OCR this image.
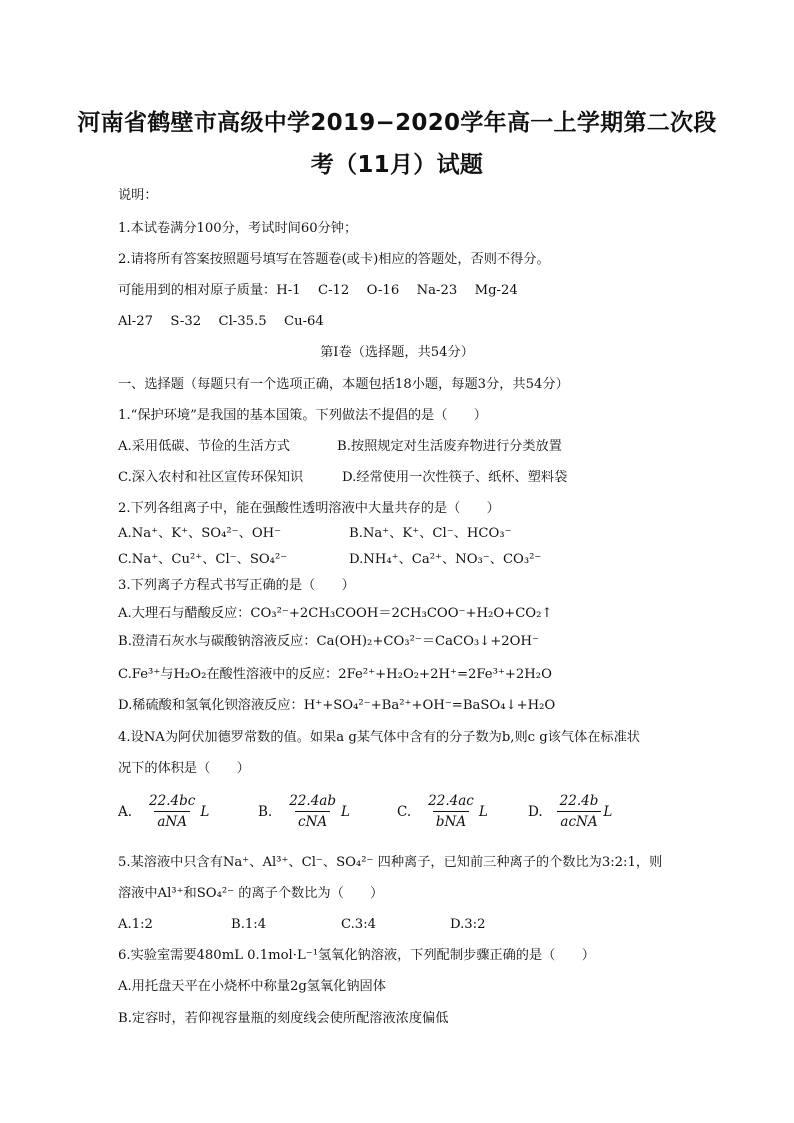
河南省鹤壁市高级中学2019−2020学年高一上学期第二次段
考（11月）试题
说明：
1.本试卷满分100分，考试时间60分钟；
2.请将所有答案按照题号填写在答题卷(或卡)相应的答题处，否则不得分。
可能用到的相对原子质量：H-1　 C-12　 O-16　 Na-23　 Mg-24
Al-27　 S-32　 Cl-35.5　 Cu-64
第Ⅰ卷（选择题，共54分）
一、选择题（每题只有一个选项正确，本题包括18小题，每题3分，共54分）
1.“保护环境”是我国的基本国策。下列做法不提倡的是（　　）
A.采用低碳、节俭的生活方式	B.按照规定对生活废弃物进行分类放置
C.深入农村和社区宣传环保知识	D.经常使用一次性筷子、纸杯、塑料袋
2.下列各组离子中，能在强酸性透明溶液中大量共存的是（　　）
A.Na⁺、K⁺、SO₄²⁻、OH⁻	B.Na⁺、K⁺、Cl⁻、HCO₃⁻
C.Na⁺、Cu²⁺、Cl⁻、SO₄²⁻	D.NH₄⁺、Ca²⁺、NO₃⁻、CO₃²⁻
3.下列离子方程式书写正确的是（　　）
A.大理石与醋酸反应：CO₃²⁻+2CH₃COOH＝2CH₃COO⁻+H₂O+CO₂↑
B.澄清石灰水与碳酸钠溶液反应：Ca(OH)₂+CO₃²⁻＝CaCO₃↓+2OH⁻
C.Fe³⁺与H₂O₂在酸性溶液中的反应：2Fe²⁺+H₂O₂+2H⁺=2Fe³⁺+2H₂O
D.稀硫酸和氢氧化钡溶液反应：H⁺+SO₄²⁻+Ba²⁺+OH⁻=BaSO₄↓+H₂O
4.设NA为阿伏加德罗常数的值。如果a g某气体中含有的分子数为b,则c g该气体在标准状
况下的体积是（　　）
A. $\frac{22.4bc}{\text{aNA}}$ L	B. $\frac{22.4ab}{\text{cNA}}$ L	C. $\frac{22.4ac}{\text{bNA}}$ L	D. $\frac{22.4b}{\text{acNA}}$ L
5.某溶液中只含有Na⁺、Al³⁺、Cl⁻、SO₄²⁻ 四种离子，已知前三种离子的个数比为3:2:1，则
溶液中Al³⁺和SO₄²⁻ 的离子个数比为（　　）
A.1:2	B.1:4	C.3:4	D.3:2
6.实验室需要480mL 0.1mol·L⁻¹氢氧化钠溶液，下列配制步骤正确的是（　　）
A.用托盘天平在小烧杯中称量2g氢氧化钠固体
B.定容时，若仰视容量瓶的刻度线会使所配溶液浓度偏低
